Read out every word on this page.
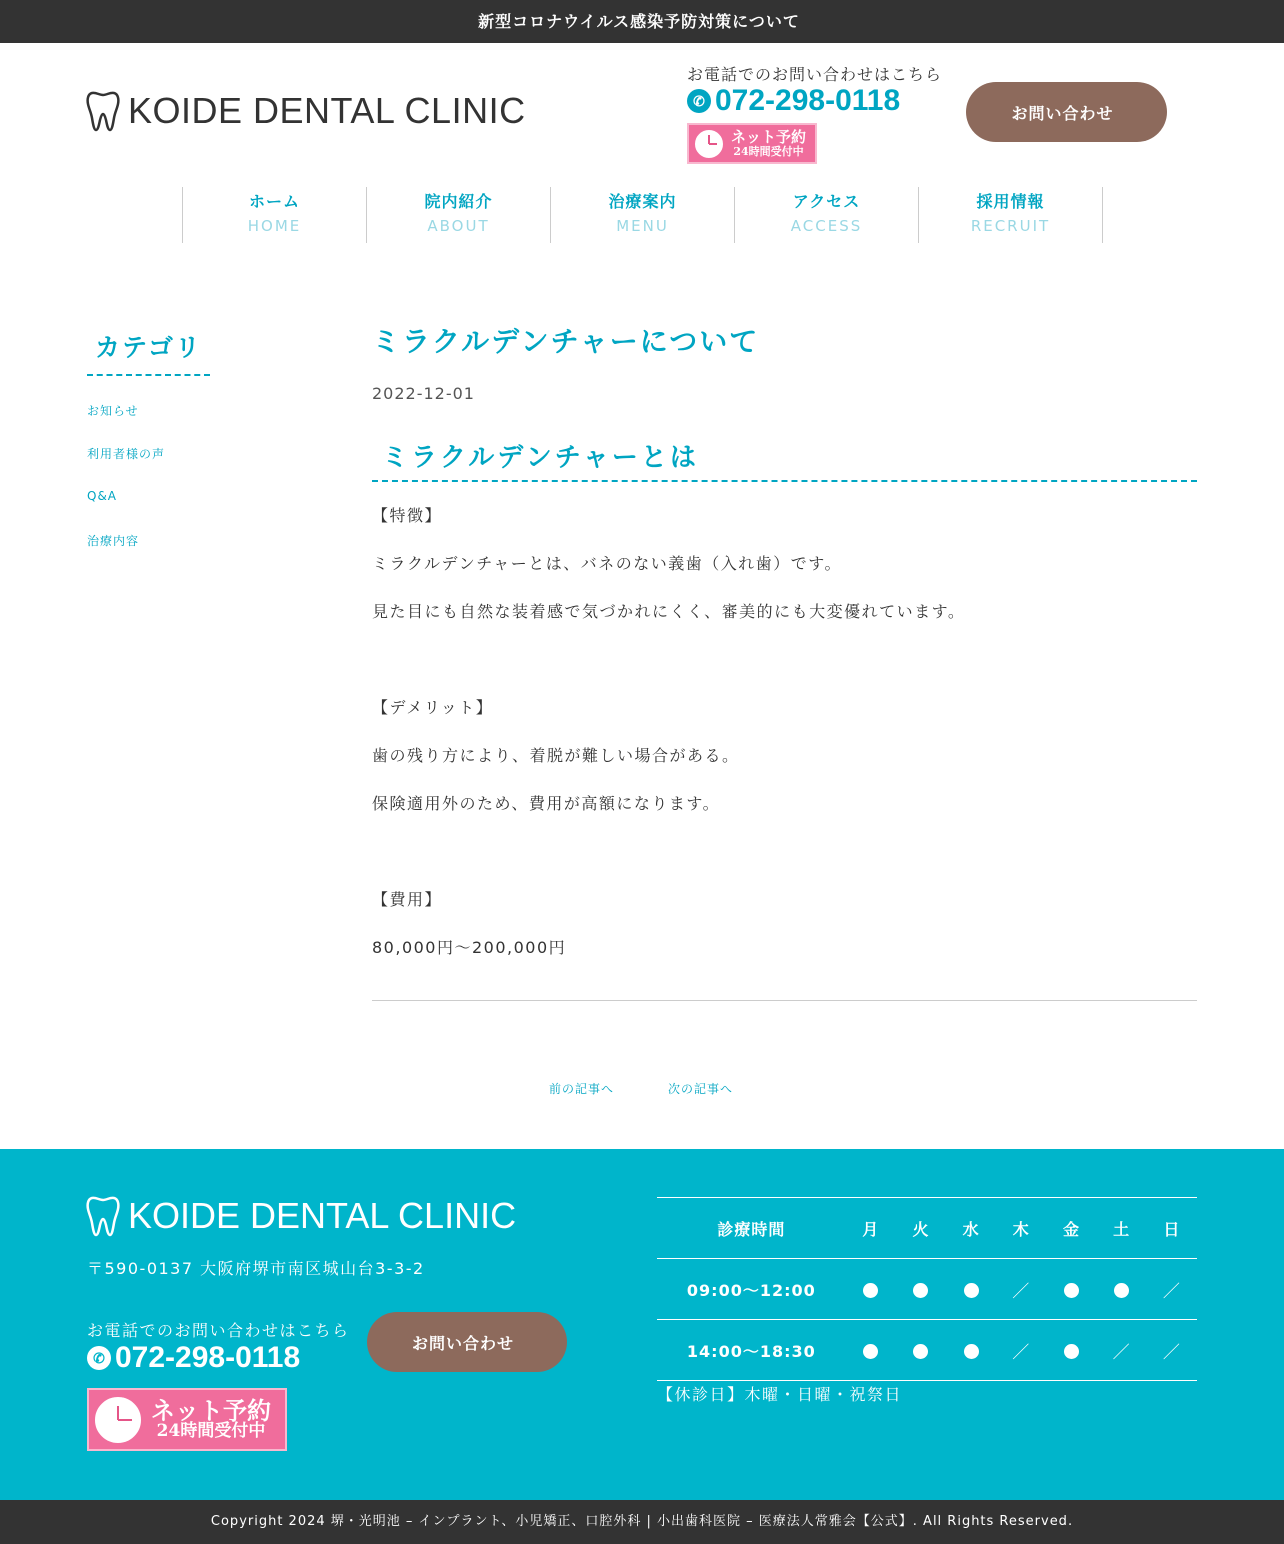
新型コロナウイルス感染予防対策について
KOIDE DENTAL CLINIC
お電話でのお問い合わせはこちら
✆ 072-298-0118
ネット予約
24時間受付中
お問い合わせ
ホーム
HOME
院内紹介
ABOUT
治療案内
MENU
アクセス
ACCESS
採用情報
RECRUIT
カテゴリ
お知らせ
利用者様の声
Q&A
治療内容
ミラクルデンチャーについて
2022-12-01
ミラクルデンチャーとは

【特徴】

ミラクルデンチャーとは、バネのない義歯（入れ歯）です。

見た目にも自然な装着感で気づかれにくく、審美的にも大変優れています。

【デメリット】

歯の残り方により、着脱が難しい場合がある。

保険適用外のため、費用が高額になります。

【費用】

80,000円～200,000円

前の記事へ	次の記事へ
KOIDE DENTAL CLINIC
〒590-0137 大阪府堺市南区城山台3-3-2
お電話でのお問い合わせはこちら
✆ 072-298-0118
ネット予約
24時間受付中
お問い合わせ
診療時間	月	火	水	木	金	土	日
09:00～12:00				／			／
14:00～18:30				／		／	／
【休診日】木曜・日曜・祝祭日
Copyright 2024 堺・光明池 – インプラント、小児矯正、口腔外科 | 小出歯科医院 – 医療法人常雅会【公式】. All Rights Reserved.
